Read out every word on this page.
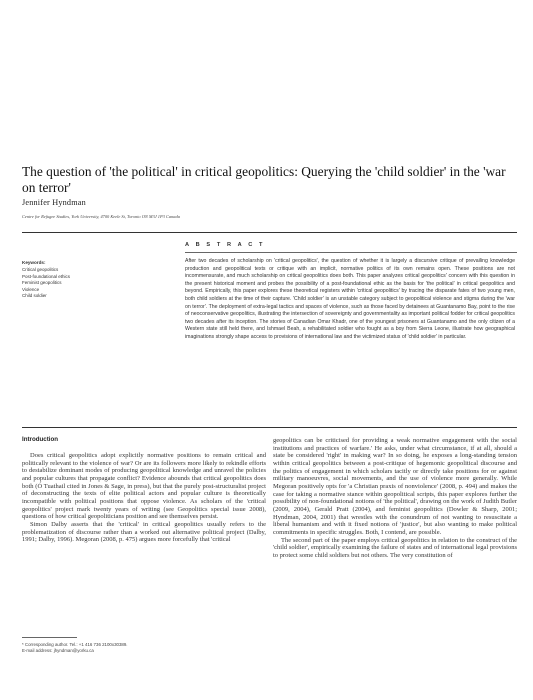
The question of 'the political' in critical geopolitics: Querying the 'child soldier' in the 'war on terror'
Jennifer Hyndman
Centre for Refugee Studies, York University, 4700 Keele St, Toronto ON M3J 1P3 Canada
A B S T R A C T
Keywords:
Critical geopolitics
Post-foundational ethics
Feminist geopolitics
Violence
Child soldier
After two decades of scholarship on 'critical geopolitics', the question of whether it is largely a discursive critique of prevailing knowledge production and geopolitical texts or critique with an implicit, normative politics of its own remains open. These positions are not incommensurate, and much scholarship on critical geopolitics does both. This paper analyzes critical geopolitics' concern with this question in the present historical moment and probes the possibility of a post-foundational ethic as the basis for 'the political' in critical geopolitics and beyond. Empirically, this paper explores these theoretical registers within 'critical geopolitics' by tracing the disparate fates of two young men, both child soldiers at the time of their capture. 'Child soldier' is an unstable category subject to geopolitical violence and stigma during the 'war on terror'. The deployment of extra-legal tactics and spaces of violence, such as those faced by detainees at Guantanamo Bay, point to the rise of neoconservative geopolitics, illustrating the intersection of sovereignty and governmentality as important political fodder for critical geopolitics two decades after its inception. The stories of Canadian Omar Khadr, one of the youngest prisoners at Guantanamo and the only citizen of a Western state still held there, and Ishmael Beah, a rehabilitated soldier who fought as a boy from Sierra Leone, illustrate how geographical imaginations strongly shape access to provisions of international law and the victimized status of 'child soldier' in particular.
Introduction

Does critical geopolitics adopt explicitly normative positions to remain critical and politically relevant to the violence of war? Or are its followers more likely to rekindle efforts to destabilize dominant modes of producing geopolitical knowledge and unravel the policies and popular cultures that propagate conflict? Evidence abounds that critical geopolitics does both (Ó Tuathail cited in Jones & Sage, in press), but that the purely post-structuralist project of deconstructing the texts of elite political actors and popular culture is theoretically incompatible with political positions that oppose violence. As scholars of the 'critical geopolitics' project mark twenty years of writing (see Geopolitics special issue 2008), questions of how critical geopoliticians position and see themselves persist.

Simon Dalby asserts that the 'critical' in critical geopolitics usually refers to the problematization of discourse rather than a worked out alternative political project (Dalby, 1991; Dalby, 1996). Megoran (2008, p. 475) argues more forcefully that 'critical

geopolitics can be criticised for providing a weak normative engagement with the social institutions and practices of warfare.' He asks, under what circumstance, if at all, should a state be considered 'right' in making war? In so doing, he exposes a long-standing tension within critical geopolitics between a post-critique of hegemonic geopolitical discourse and the politics of engagement in which scholars tacitly or directly take positions for or against military manoeuvres, social movements, and the use of violence more generally. While Megoran positively opts for 'a Christian praxis of nonviolence' (2008, p. 494) and makes the case for taking a normative stance within geopolitical scripts, this paper explores further the possibility of non-foundational notions of 'the political', drawing on the work of Judith Butler (2009, 2004), Gerald Pratt (2004), and feminist geopolitics (Dowler & Sharp, 2001; Hyndman, 2004, 2001) that wrestles with the conundrum of not wanting to resuscitate a liberal humanism and with it fixed notions of 'justice', but also wanting to make political commitments in specific struggles. Both, I contend, are possible.

The second part of the paper employs critical geopolitics in relation to the construct of the 'child soldier', empirically examining the failure of states and of international legal provisions to protect some child soldiers but not others. The very constitution of

* Corresponding author. Tel.: +1 416 736 2100x30389.
E-mail address: jhyndman@yorku.ca
